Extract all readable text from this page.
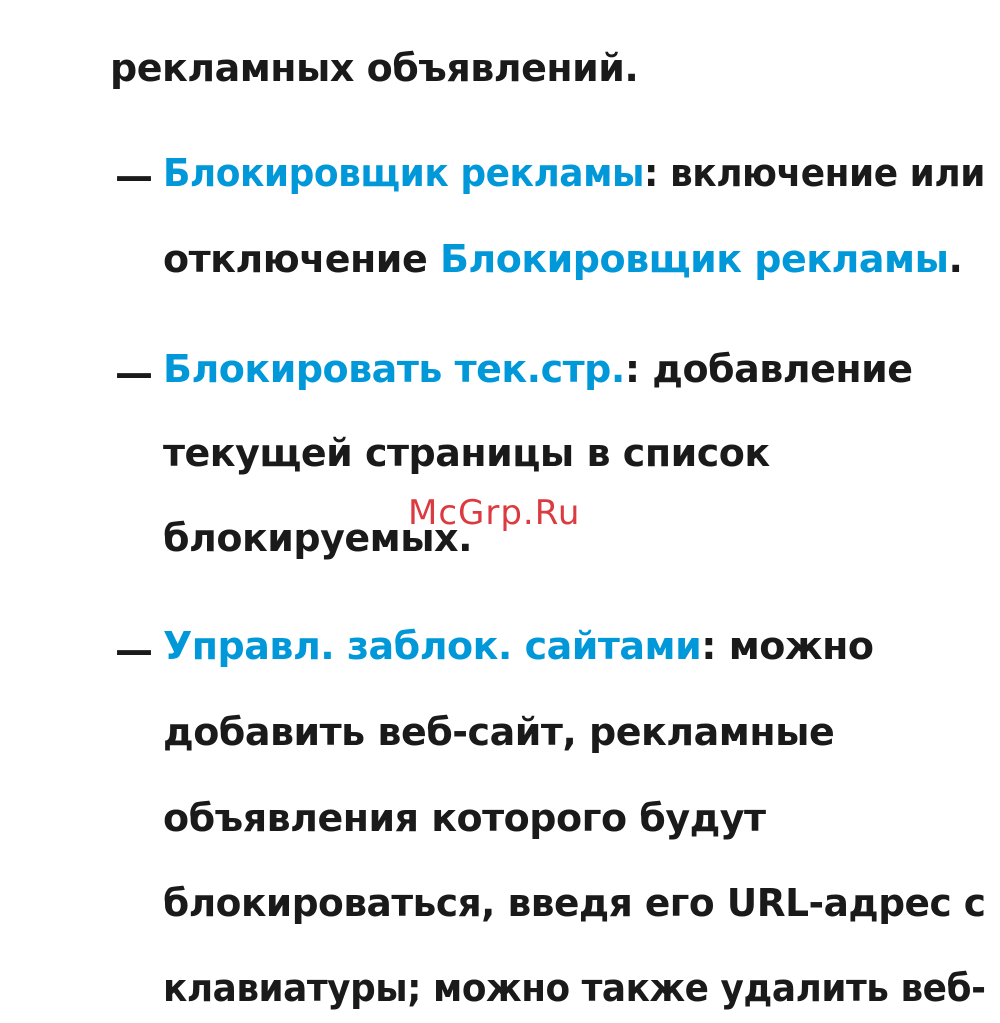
рекламных объявлений.
— Блокировщик рекламы: включение или
отключение Блокировщик рекламы.
— Блокировать тек.стр.: добавление
текущей страницы в список
блокируемых.
McGrp.Ru
— Управл. заблок. сайтами: можно
добавить веб-сайт, рекламные
объявления которого будут
блокироваться, введя его URL-адрес с
клавиатуры; можно также удалить веб-
